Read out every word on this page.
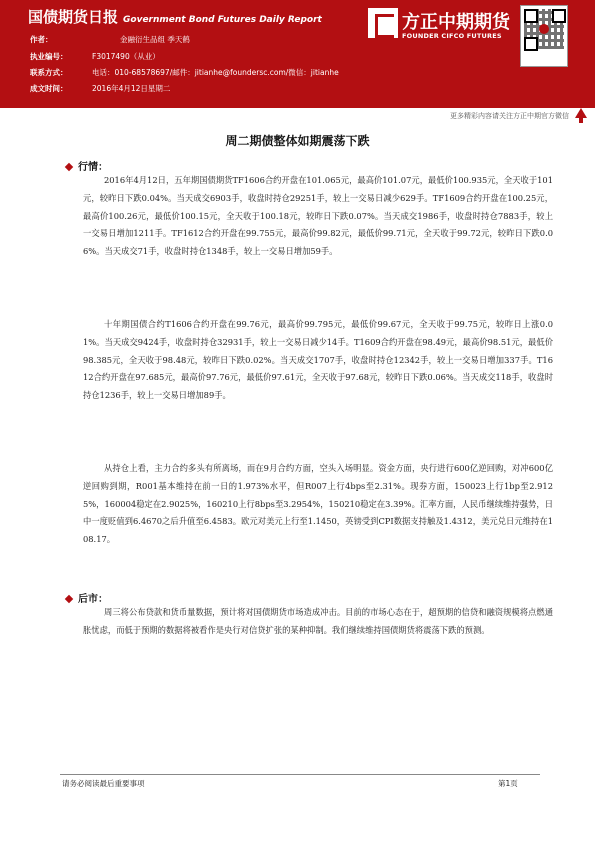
国债期货日报 Government Bond Futures Daily Report
作者：	金融衍生品组 季天鹤
执业编号：	F3017490（从业）
联系方式：	电话：010-68578697/邮件：jitianhe@foundersc.com/微信：jitianhe
成文时间：	2016年4月12日星期二
方正中期期货
FOUNDER CIFCO FUTURES
更多精彩内容请关注方正中期官方微信
周二期债整体如期震荡下跌
行情：

2016年4月12日，五年期国债期货TF1606合约开盘在101.065元，最高价101.07元，最低价100.935元，全天收于101元，较昨日下跌0.04%。当天成交6903手，收盘时持仓29251手，较上一交易日减少629手。TF1609合约开盘在100.25元，最高价100.26元，最低价100.15元，全天收于100.18元，较昨日下跌0.07%。当天成交1986手，收盘时持仓7883手，较上一交易日增加1211手。TF1612合约开盘在99.755元，最高价99.82元，最低价99.71元，全天收于99.72元，较昨日下跌0.06%。当天成交71手，收盘时持仓1348手，较上一交易日增加59手。

十年期国债合约T1606合约开盘在99.76元，最高价99.795元，最低价99.67元，全天收于99.75元，较昨日上涨0.01%。当天成交9424手，收盘时持仓32931手，较上一交易日减少14手。T1609合约开盘在98.49元，最高价98.51元，最低价98.385元，全天收于98.48元，较昨日下跌0.02%。当天成交1707手，收盘时持仓12342手，较上一交易日增加337手。T1612合约开盘在97.685元，最高价97.76元，最低价97.61元，全天收于97.68元，较昨日下跌0.06%。当天成交118手，收盘时持仓1236手，较上一交易日增加89手。

从持仓上看，主力合约多头有所离场，而在9月合约方面，空头入场明显。资金方面，央行进行600亿逆回购，对冲600亿逆回购到期，R001基本维持在前一日的1.973%水平，但R007上行4bps至2.31%。现券方面，150023上行1bp至2.9125%，160004稳定在2.9025%，160210上行8bps至3.2954%，150210稳定在3.39%。汇率方面，人民币继续维持强势，日中一度贬值到6.4670之后升值至6.4583。欧元对美元上行至1.1450，英镑受到CPI数据支持触及1.4312，美元兑日元维持在108.17。

后市：

周三将公布贷款和货币量数据，预计将对国债期货市场造成冲击。目前的市场心态在于，超预期的信贷和融资规模将点燃通胀忧虑，而低于预期的数据将被看作是央行对信贷扩张的某种抑制。我们继续维持国债期货将震荡下跌的预测。

请务必阅读最后重要事项	第1页
